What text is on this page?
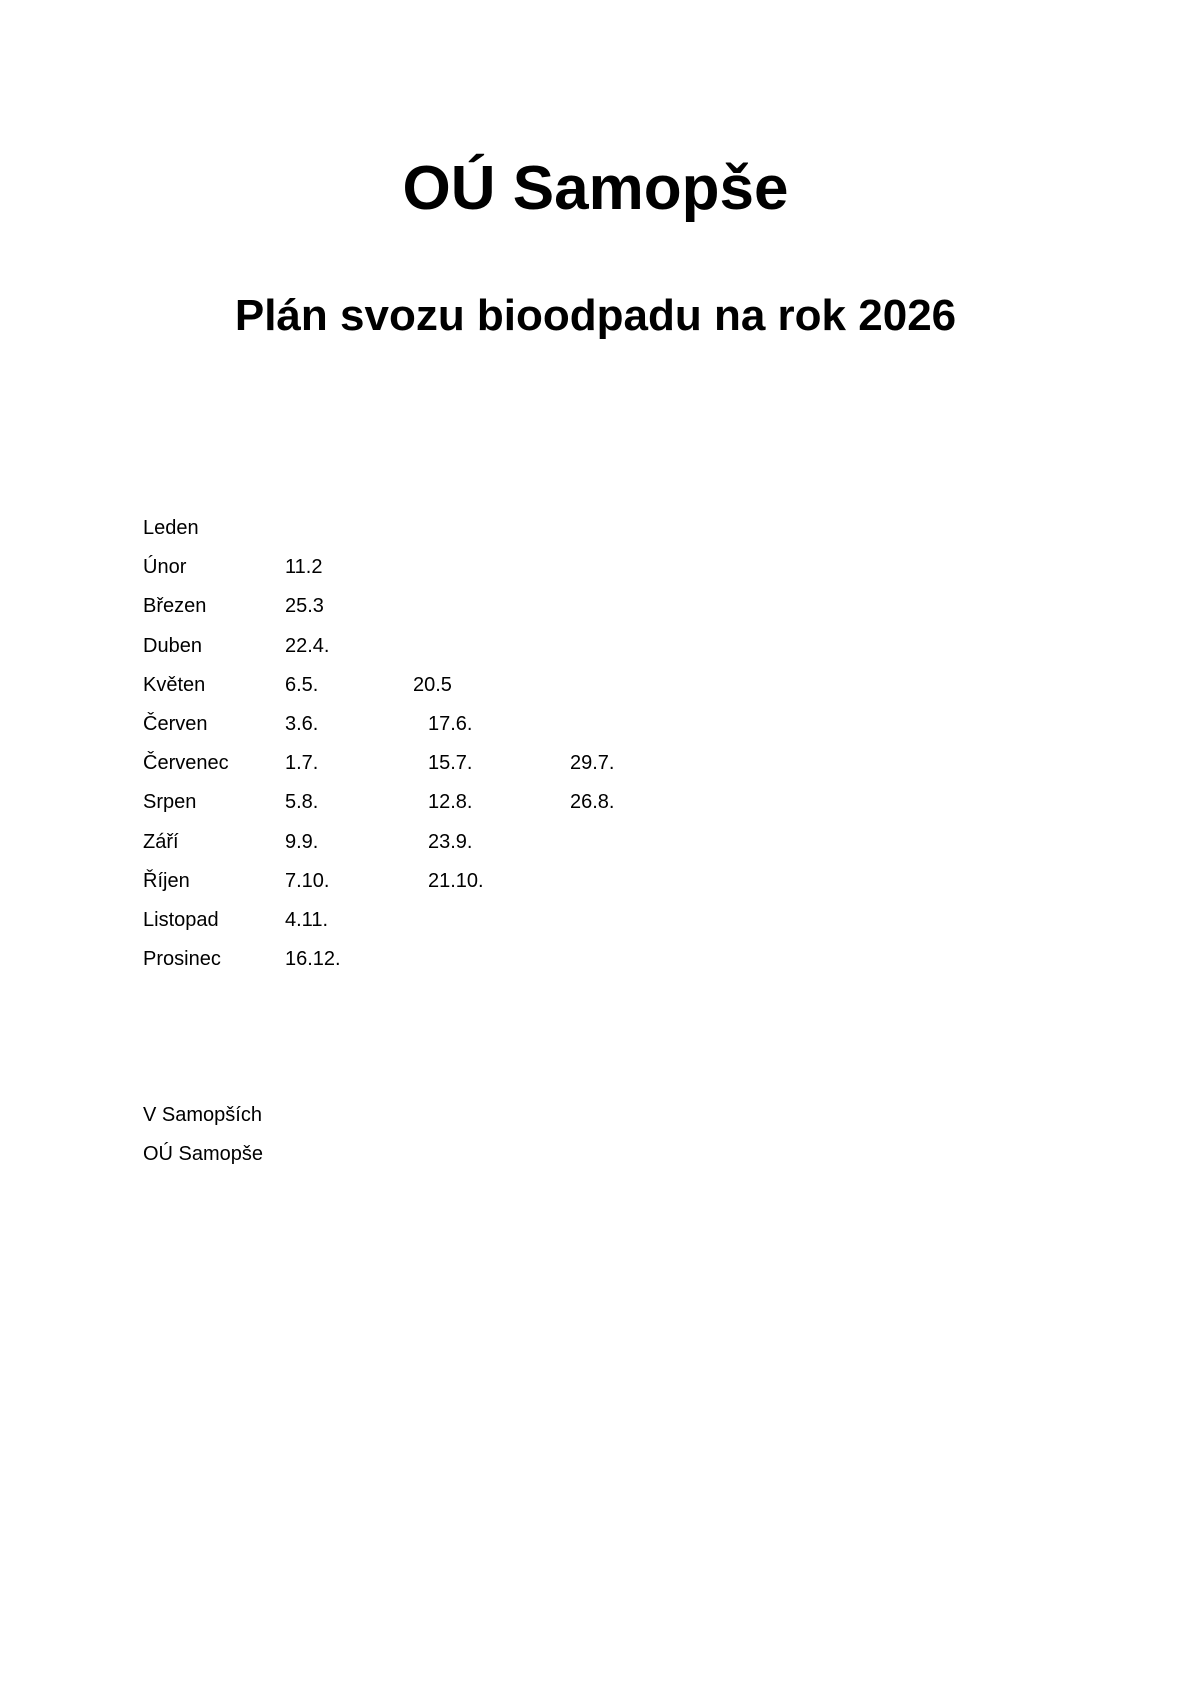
OÚ Samopše
Plán svozu bioodpadu na rok 2026
Leden
Únor	11.2
Březen	25.3
Duben	22.4.
Květen	6.5.	20.5
Červen	3.6.	17.6.
Červenec	1.7.	15.7.	29.7.
Srpen	5.8.	12.8.	26.8.
Září	9.9.	23.9.
Říjen	7.10.	21.10.
Listopad	4.11.
Prosinec	16.12.
V Samopších
OÚ Samopše
